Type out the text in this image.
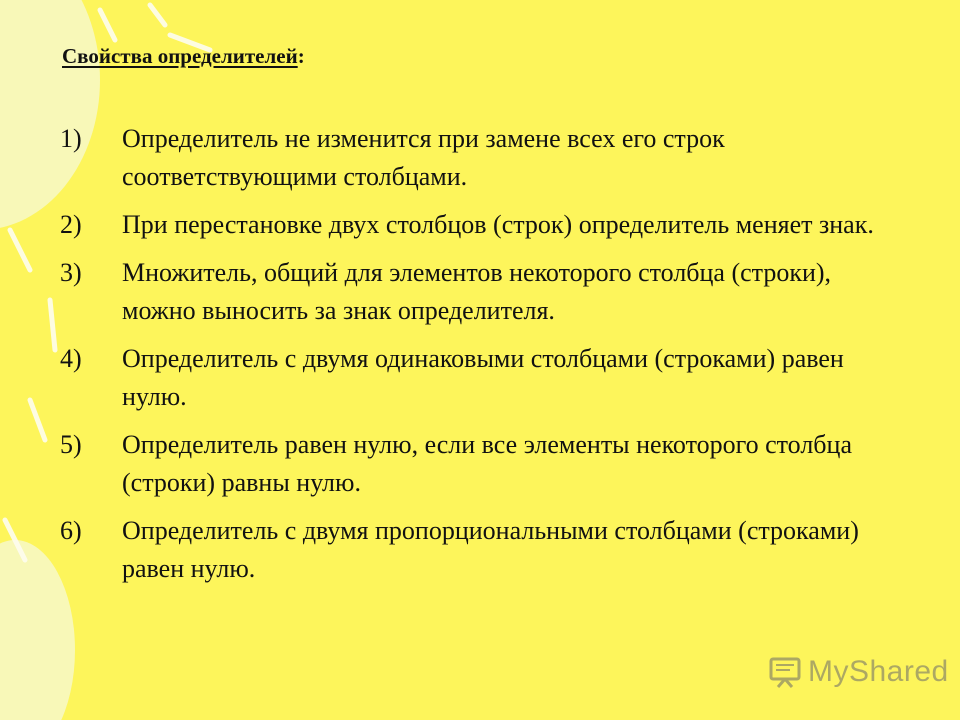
Свойства определителей:
1)	Определитель не изменится при замене всех его строк соответствующими столбцами.
2)	При перестановке двух столбцов (строк) определитель меняет знак.
3)	Множитель, общий для элементов некоторого столбца (строки), можно выносить за знак определителя.
4)	Определитель с двумя одинаковыми столбцами (строками) равен нулю.
5)	Определитель равен нулю, если все элементы некоторого столбца (строки) равны нулю.
6)	Определитель с двумя пропорциональными столбцами (строками) равен нулю.
MyShared
